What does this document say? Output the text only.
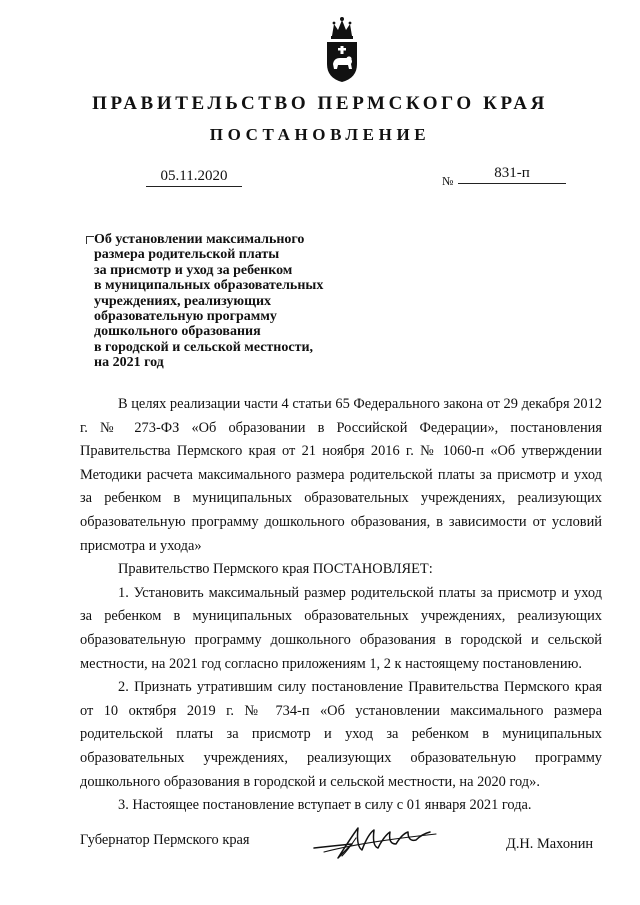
ПРАВИТЕЛЬСТВО ПЕРМСКОГО КРАЯ
ПОСТАНОВЛЕНИЕ
05.11.2020	№	831-п
Об установлении максимального
размера родительской платы
за присмотр и уход за ребенком
в муниципальных образовательных
учреждениях, реализующих
образовательную программу
дошкольного образования
в городской и сельской местности,
на 2021 год

В целях реализации части 4 статьи 65 Федерального закона от 29 декабря 2012 г. № 273-ФЗ «Об образовании в Российской Федерации», постановления Правительства Пермского края от 21 ноября 2016 г. № 1060-п «Об утверждении Методики расчета максимального размера родительской платы за присмотр и уход за ребенком в муниципальных образовательных учреждениях, реализующих образовательную программу дошкольного образования, в зависимости от условий присмотра и ухода»

Правительство Пермского края ПОСТАНОВЛЯЕТ:

1. Установить максимальный размер родительской платы за присмотр и уход за ребенком в муниципальных образовательных учреждениях, реализующих образовательную программу дошкольного образования в городской и сельской местности, на 2021 год согласно приложениям 1, 2 к настоящему постановлению.

2. Признать утратившим силу постановление Правительства Пермского края от 10 октября 2019 г. № 734-п «Об установлении максимального размера родительской платы за присмотр и уход за ребенком в муниципальных образовательных учреждениях, реализующих образовательную программу дошкольного образования в городской и сельской местности, на 2020 год».

3. Настоящее постановление вступает в силу с 01 января 2021 года.

Губернатор Пермского края	Д.Н. Махонин
